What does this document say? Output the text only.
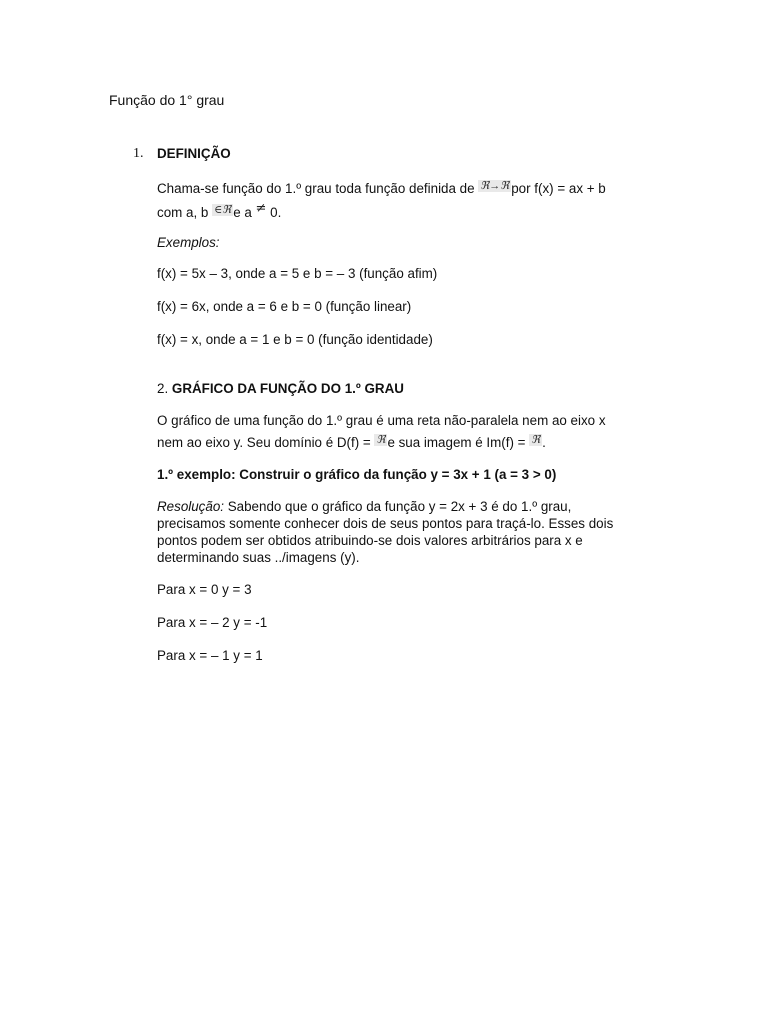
Função do 1° grau
1. DEFINIÇÃO
Chama-se função do 1.º grau toda função definida de ℜ→ℜ por f(x) = ax + b
com a, b ∈ℜ e a ≠ 0.
Exemplos:
f(x) = 5x – 3, onde a = 5 e b = – 3 (função afim)
f(x) = 6x, onde a = 6 e b = 0 (função linear)
f(x) = x, onde a = 1 e b = 0 (função identidade)
2. GRÁFICO DA FUNÇÃO DO 1.º GRAU
O gráfico de uma função do 1.º grau é uma reta não-paralela nem ao eixo x
nem ao eixo y. Seu domínio é D(f) = ℜ e sua imagem é Im(f) = ℜ .
1.º exemplo: Construir o gráfico da função y = 3x + 1 (a = 3 > 0)
Resolução: Sabendo que o gráfico da função y = 2x + 3 é do 1.º grau,
precisamos somente conhecer dois de seus pontos para traçá-lo. Esses dois
pontos podem ser obtidos atribuindo-se dois valores arbitrários para x e
determinando suas ../imagens (y).
Para x = 0 y = 3
Para x = – 2 y = -1
Para x = – 1 y = 1
